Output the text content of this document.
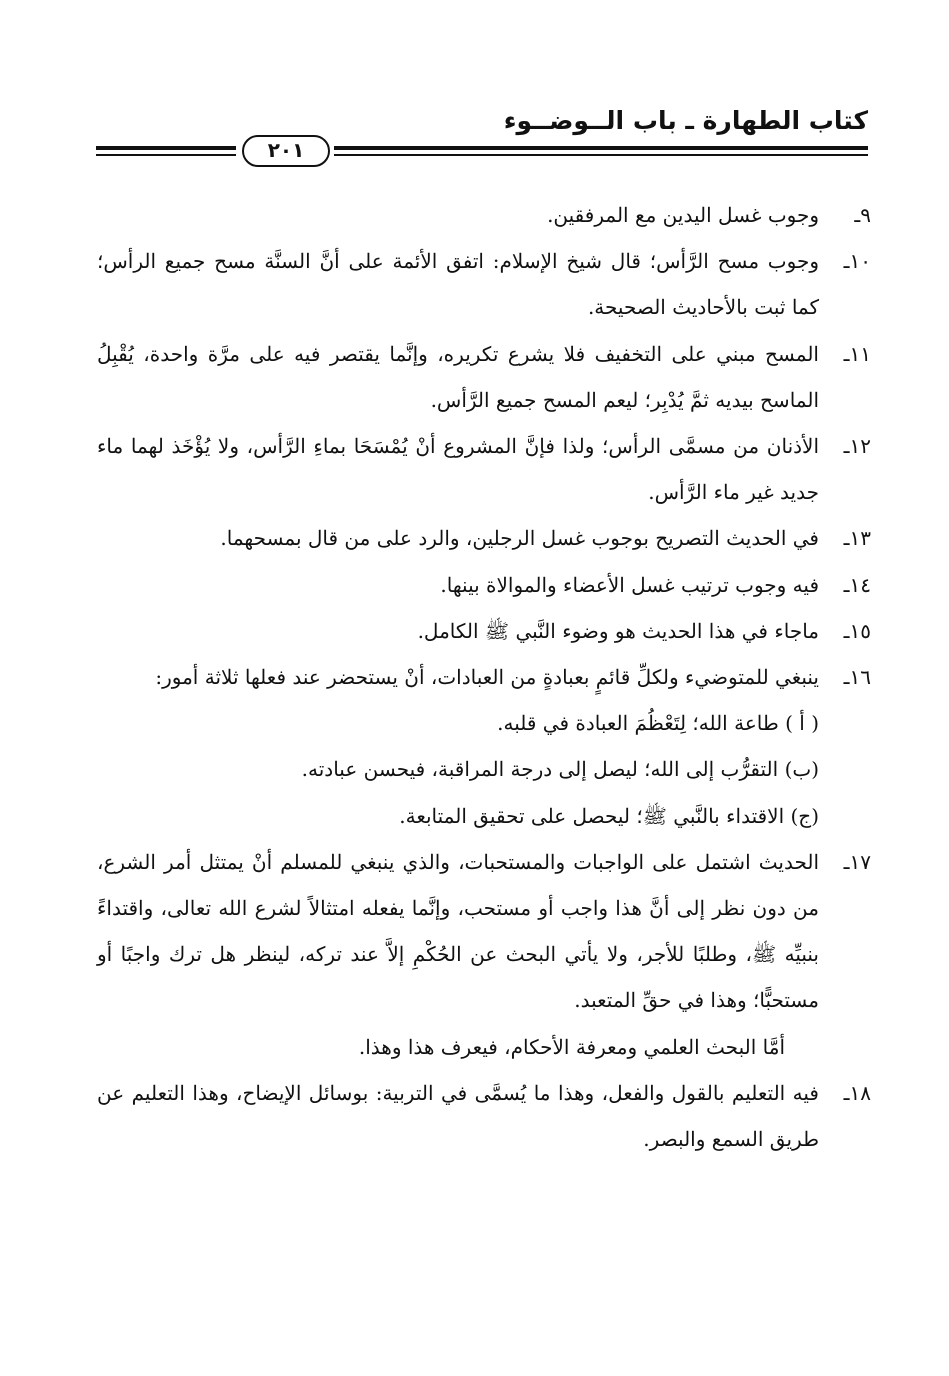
كتاب الطهارة ـ باب الــوضــوء
٢٠١

٩ـ
وجوب غسل اليدين مع المرفقين.

١٠ـ
وجوب مسح الرَّأس؛ قال شيخ الإسلام: اتفق الأئمة على أنَّ السنَّة مسح جميع الرأس؛ كما ثبت بالأحاديث الصحيحة.

١١ـ
المسح مبني على التخفيف فلا يشرع تكريره، وإنَّما يقتصر فيه على مرَّة واحدة، يُقْبِلُ الماسح بيديه ثمَّ يُدْبِر؛ ليعم المسح جميع الرَّأس.

١٢ـ
الأذنان من مسمَّى الرأس؛ ولذا فإنَّ المشروع أنْ يُمْسَحَا بماءِ الرَّأس، ولا يُؤْخَذ لهما ماء جديد غير ماء الرَّأس.

١٣ـ
في الحديث التصريح بوجوب غسل الرجلين، والرد على من قال بمسحهما.

١٤ـ
فيه وجوب ترتيب غسل الأعضاء والموالاة بينها.

١٥ـ
ماجاء في هذا الحديث هو وضوء النَّبي ﷺ الكامل.

١٦ـ
ينبغي للمتوضيء ولكلِّ قائمٍ بعبادةٍ من العبادات، أنْ يستحضر عند فعلها ثلاثة أمور:

( أ ) طاعة الله؛ لِتَعْظُمَ العبادة في قلبه.

(ب) التقرُّب إلى الله؛ ليصل إلى درجة المراقبة، فيحسن عبادته.

(ج) الاقتداء بالنَّبي ﷺ؛ ليحصل على تحقيق المتابعة.

١٧ـ
الحديث اشتمل على الواجبات والمستحبات، والذي ينبغي للمسلم أنْ يمتثل أمر الشرع، من دون نظر إلى أنَّ هذا واجب أو مستحب، وإنَّما يفعله امتثالاً لشرع الله تعالى، واقتداءً بنبيِّه ﷺ، وطلبًا للأجر، ولا يأتي البحث عن الحُكْمِ إلاَّ عند تركه، لينظر هل ترك واجبًا أو مستحبًّا؛ وهذا في حقِّ المتعبد.

أمَّا البحث العلمي ومعرفة الأحكام، فيعرف هذا وهذا.

١٨ـ
فيه التعليم بالقول والفعل، وهذا ما يُسمَّى في التربية: بوسائل الإيضاح، وهذا التعليم عن طريق السمع والبصر.
